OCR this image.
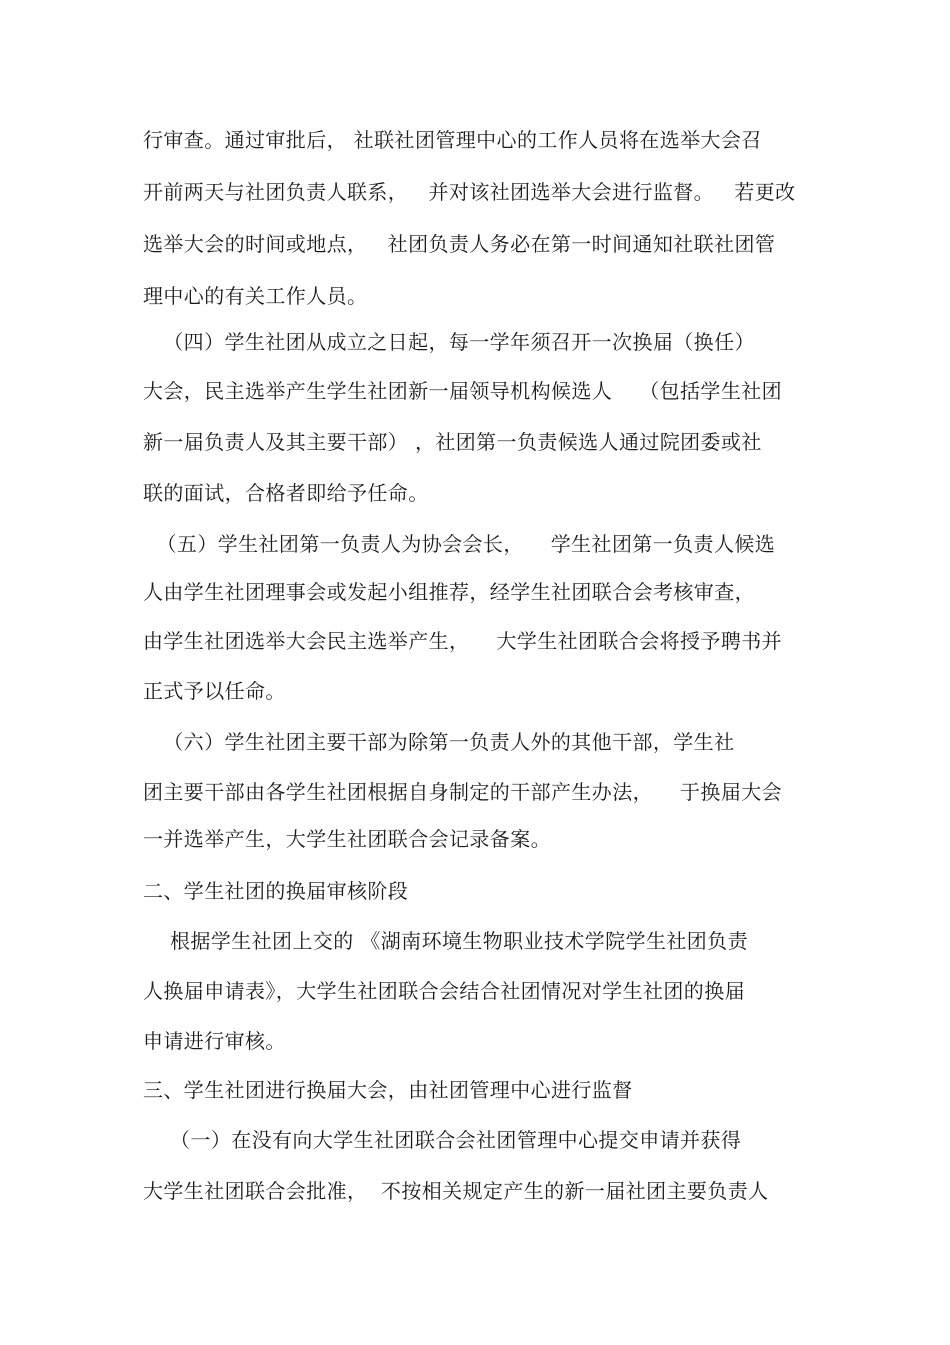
行审查。通过审批后， 社联社团管理中心的工作人员将在选举大会召
开前两天与社团负责人联系，   并对该社团选举大会进行监督。   若更改
选举大会的时间或地点，   社团负责人务必在第一时间通知社联社团管
理中心的有关工作人员。
（四）学生社团从成立之日起，每一学年须召开一次换届（换任）
大会，民主选举产生学生社团新一届领导机构候选人    （包括学生社团
新一届负责人及其主要干部） ，社团第一负责候选人通过院团委或社
联的面试，合格者即给予任命。
（五）学生社团第一负责人为协会会长，    学生社团第一负责人候选
人由学生社团理事会或发起小组推荐，经学生社团联合会考核审查，
由学生社团选举大会民主选举产生，    大学生社团联合会将授予聘书并
正式予以任命。
（六）学生社团主要干部为除第一负责人外的其他干部，学生社
团主要干部由各学生社团根据自身制定的干部产生办法，    于换届大会
一并选举产生，大学生社团联合会记录备案。
二、学生社团的换届审核阶段
根据学生社团上交的 《湖南环境生物职业技术学院学生社团负责
人换届申请表》，大学生社团联合会结合社团情况对学生社团的换届
申请进行审核。
三、学生社团进行换届大会，由社团管理中心进行监督
（一）在没有向大学生社团联合会社团管理中心提交申请并获得
大学生社团联合会批准，  不按相关规定产生的新一届社团主要负责人
